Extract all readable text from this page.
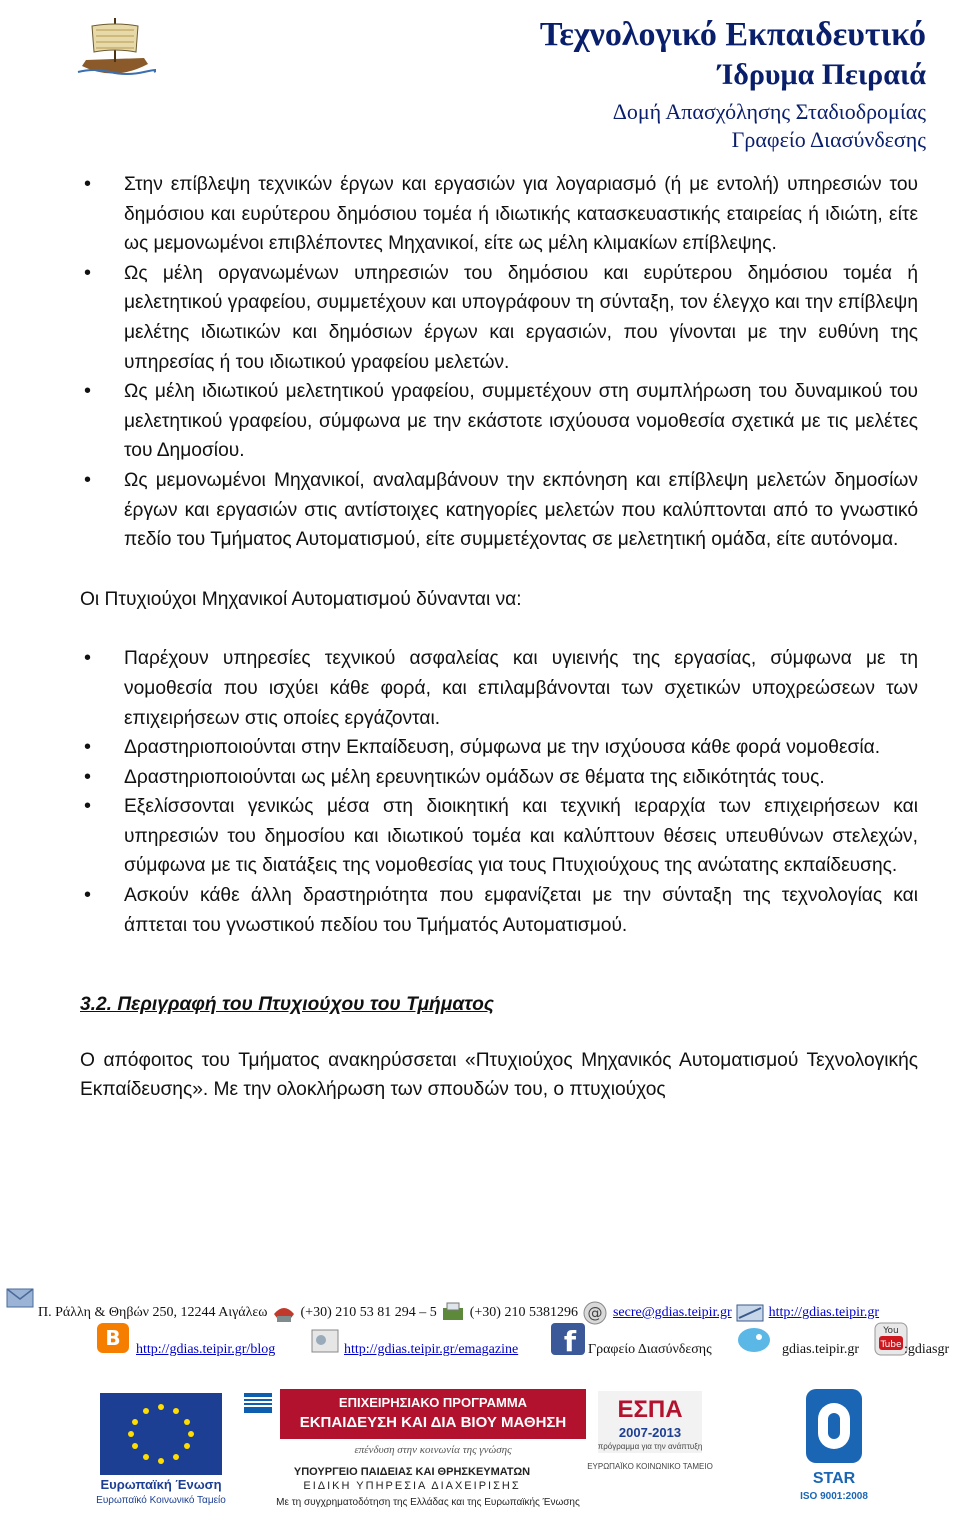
Τεχνολογικό Εκπαιδευτικό
Ίδρυμα Πειραιά
Δομή Απασχόλησης Σταδιοδρομίας
Γραφείο Διασύνδεσης
• Στην επίβλεψη τεχνικών έργων και εργασιών για λογαριασμό (ή με εντολή) υπηρεσιών του δημόσιου και ευρύτερου δημόσιου τομέα ή ιδιωτικής κατασκευαστικής εταιρείας ή ιδιώτη, είτε ως μεμονωμένοι επιβλέποντες Μηχανικοί, είτε ως μέλη κλιμακίων επίβλεψης.
• Ως μέλη οργανωμένων υπηρεσιών του δημόσιου και ευρύτερου δημόσιου τομέα ή μελετητικού γραφείου, συμμετέχουν και υπογράφουν τη σύνταξη, τον έλεγχο και την επίβλεψη μελέτης ιδιωτικών και δημόσιων έργων και εργασιών, που γίνονται με την ευθύνη της υπηρεσίας ή του ιδιωτικού γραφείου μελετών.
• Ως μέλη ιδιωτικού μελετητικού γραφείου, συμμετέχουν στη συμπλήρωση του δυναμικού του μελετητικού γραφείου, σύμφωνα με την εκάστοτε ισχύουσα νομοθεσία σχετικά με τις μελέτες του Δημοσίου.
• Ως μεμονωμένοι Μηχανικοί, αναλαμβάνουν την εκπόνηση και επίβλεψη μελετών δημοσίων έργων και εργασιών στις αντίστοιχες κατηγορίες μελετών που καλύπτονται από το γνωστικό πεδίο του Τμήματος Αυτοματισμού, είτε συμμετέχοντας σε μελετητική ομάδα, είτε αυτόνομα.

Οι Πτυχιούχοι Μηχανικοί Αυτοματισμού δύνανται να:

• Παρέχουν υπηρεσίες τεχνικού ασφαλείας και υγιεινής της εργασίας, σύμφωνα με τη νομοθεσία που ισχύει κάθε φορά, και επιλαμβάνονται των σχετικών υποχρεώσεων των επιχειρήσεων στις οποίες εργάζονται.
• Δραστηριοποιούνται στην Εκπαίδευση, σύμφωνα με την ισχύουσα κάθε φορά νομοθεσία.
• Δραστηριοποιούνται ως μέλη ερευνητικών ομάδων σε θέματα της ειδικότητάς τους.
• Εξελίσσονται γενικώς μέσα στη διοικητική και τεχνική ιεραρχία των επιχειρήσεων και υπηρεσιών του δημοσίου και ιδιωτικού τομέα και καλύπτουν θέσεις υπευθύνων στελεχών, σύμφωνα με τις διατάξεις της νομοθεσίας για τους Πτυχιούχους της ανώτατης εκπαίδευσης.
• Ασκούν κάθε άλλη δραστηριότητα που εμφανίζεται με την σύνταξη της τεχνολογίας και άπτεται του γνωστικού πεδίου του Τμήματός Αυτοματισμού.

3.2. Περιγραφή του Πτυχιούχου του Τμήματος

Ο απόφοιτος του Τμήματος ανακηρύσσεται «Πτυχιούχος Μηχανικός Αυτοματισμού Τεχνολογικής Εκπαίδευσης». Με την ολοκλήρωση των σπουδών του, ο πτυχιούχος

Π. Ράλλη & Θηβών 250, 12244 Αιγάλεω (+30) 210 53 81 294 – 5 (+30) 210 5381296 @ secre@gdias.teipir.gr	http://gdias.teipir.gr
B http://gdias.teipir.gr/blog	http://gdias.teipir.gr/emagazine f Γραφείο Διασύνδεσης	gdias.teipir.gr
You
Tube :gdiasgr
Ευρωπαϊκή Ένωση
Ευρωπαϊκό Κοινωνικό Ταμείο
ΕΠΙΧΕΙΡΗΣΙΑΚΟ ΠΡΟΓΡΑΜΜΑ
ΕΚΠΑΙΔΕΥΣΗ ΚΑΙ ΔΙΑ ΒΙΟΥ ΜΑΘΗΣΗ
επένδυση στην κοινωνία της γνώσης
ΥΠΟΥΡΓΕΙΟ ΠΑΙΔΕΙΑΣ ΚΑΙ ΘΡΗΣΚΕΥΜΑΤΩΝ
ΕΙΔΙΚΗ ΥΠΗΡΕΣΙΑ ΔΙΑΧΕΙΡΙΣΗΣ
Με τη συγχρηματοδότηση της Ελλάδας και της Ευρωπαϊκής Ένωσης
ΕΣΠΑ
2007-2013
πρόγραμμα για την ανάπτυξη
ΕΥΡΩΠΑΪΚΟ ΚΟΙΝΩΝΙΚΟ ΤΑΜΕΙΟ
STAR
ISO 9001:2008
